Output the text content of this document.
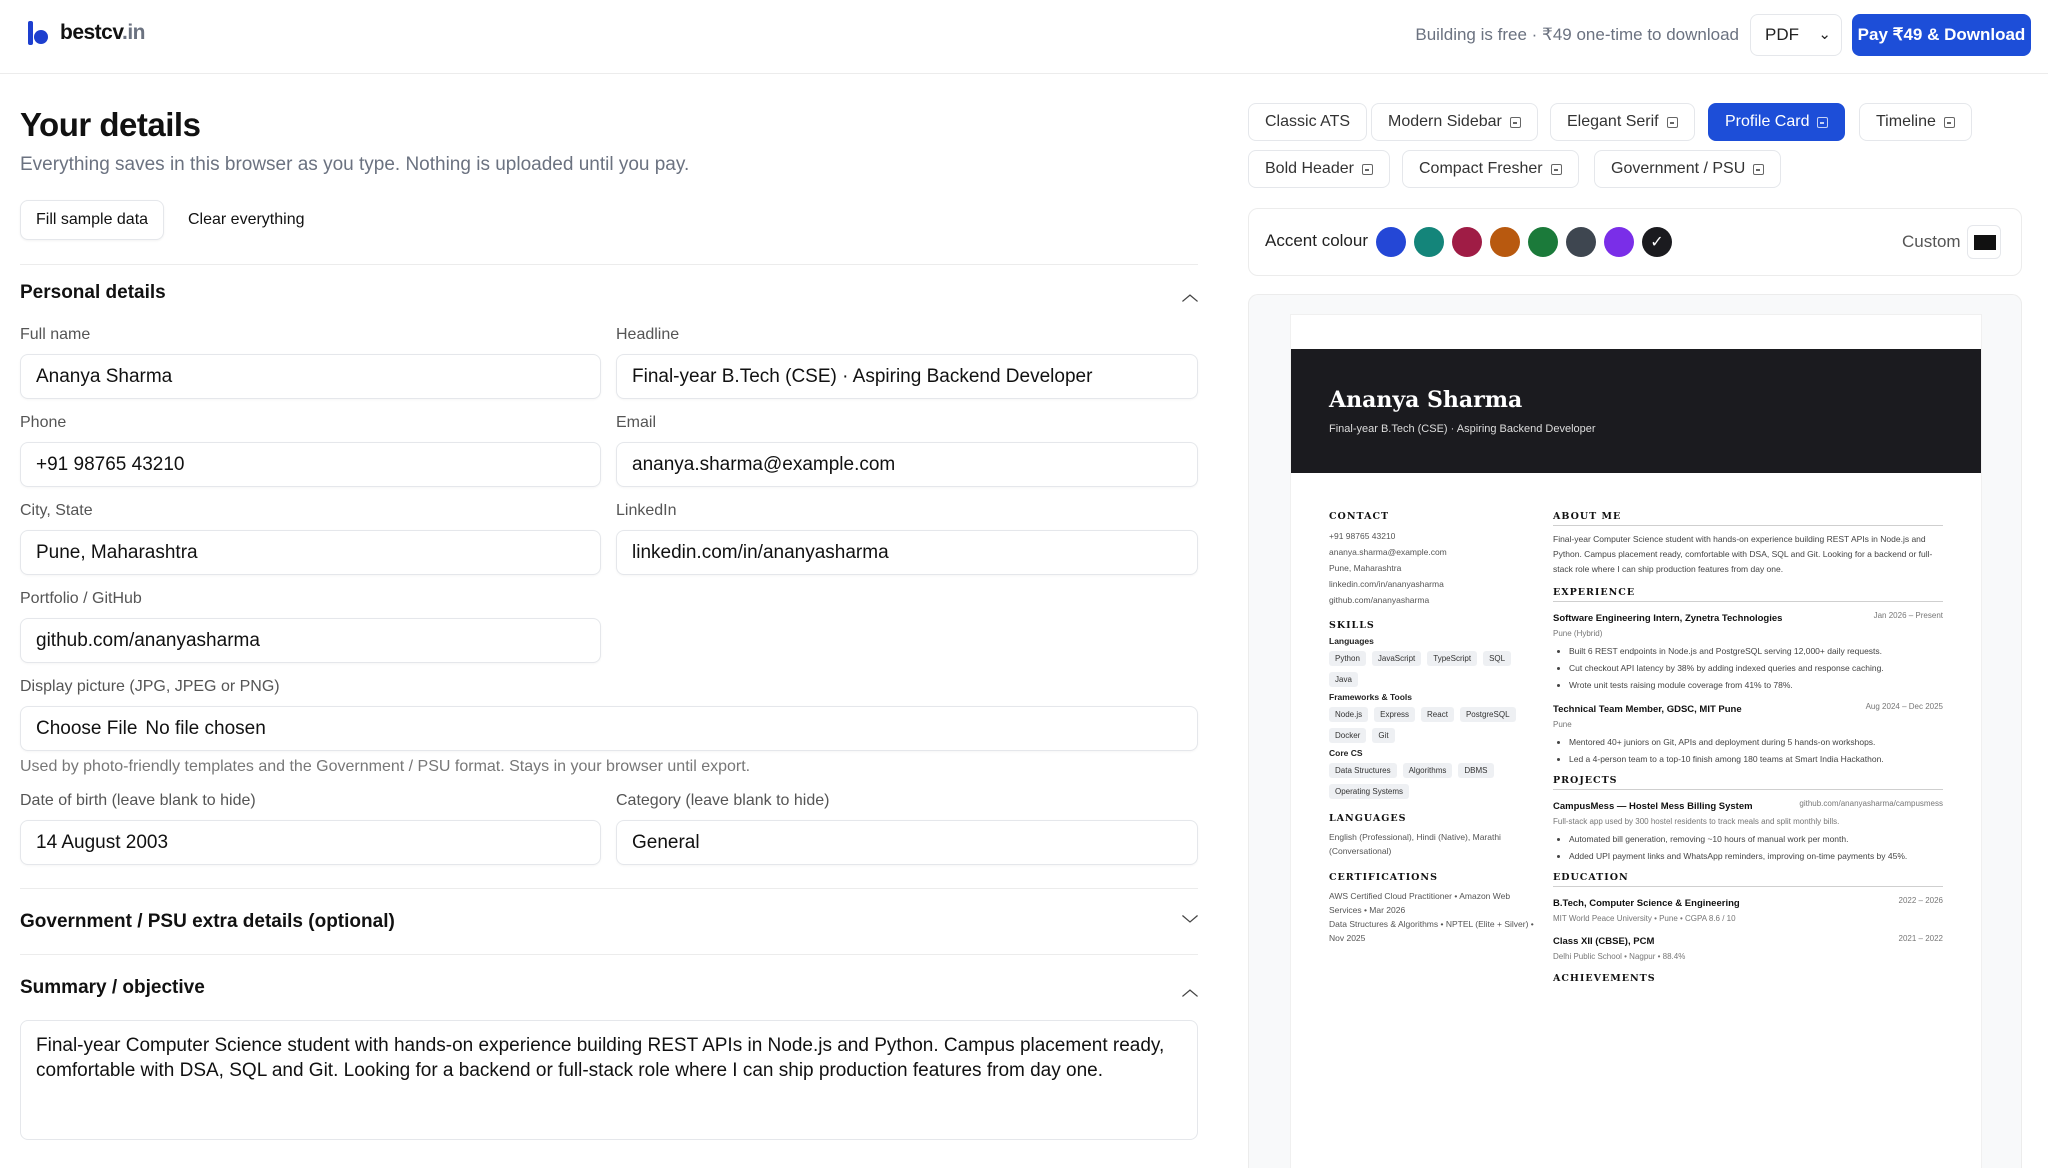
bestcv.in	Building is free · ₹49 one-time to download	PDF ⌄	Pay ₹49 & Download
Your details
Everything saves in this browser as you type. Nothing is uploaded until you pay.
Fill sample data	Clear everything
Personal details	︿
Full name
Ananya Sharma
Headline
Final-year B.Tech (CSE) · Aspiring Backend Developer
Phone
+91 98765 43210
Email
ananya.sharma@example.com
City, State
Pune, Maharashtra
LinkedIn
linkedin.com/in/ananyasharma
Portfolio / GitHub
github.com/ananyasharma
Display picture (JPG, JPEG or PNG)
Choose File No file chosen
Used by photo-friendly templates and the Government / PSU format. Stays in your browser until export.
Date of birth (leave blank to hide)
14 August 2003
Category (leave blank to hide)
General
Government / PSU extra details (optional)	﹀
Summary / objective	︿
Final-year Computer Science student with hands-on experience building REST APIs in Node.js and Python. Campus placement ready, comfortable with DSA, SQL and Git. Looking for a backend or full-stack role where I can ship production features from day one.
Classic ATS Modern Sidebar	Elegant Serif	Profile Card	Timeline
Bold Header	Compact Fresher	Government / PSU
Accent colour	✓	Custom
Ananya Sharma
Final-year B.Tech (CSE) · Aspiring Backend Developer
CONTACT
+91 98765 43210
ananya.sharma@example.com
Pune, Maharashtra
linkedin.com/in/ananyasharma
github.com/ananyasharma
SKILLS
Languages
Python	JavaScript	TypeScript	SQL
Java
Frameworks & Tools
Node.js	Express	React	PostgreSQL
Docker	Git
Core CS
Data Structures	Algorithms	DBMS
Operating Systems
LANGUAGES
English (Professional), Hindi (Native), Marathi (Conversational)
CERTIFICATIONS
AWS Certified Cloud Practitioner • Amazon Web Services • Mar 2026
Data Structures & Algorithms • NPTEL (Elite + Silver) • Nov 2025
ABOUT ME
Final-year Computer Science student with hands-on experience building REST APIs in Node.js and Python. Campus placement ready, comfortable with DSA, SQL and Git. Looking for a backend or full-stack role where I can ship production features from day one.
EXPERIENCE
Software Engineering Intern, Zynetra Technologies	Jan 2026 – Present
Pune (Hybrid)
• Built 6 REST endpoints in Node.js and PostgreSQL serving 12,000+ daily requests.
• Cut checkout API latency by 38% by adding indexed queries and response caching.
• Wrote unit tests raising module coverage from 41% to 78%.
Technical Team Member, GDSC, MIT Pune	Aug 2024 – Dec 2025
Pune
• Mentored 40+ juniors on Git, APIs and deployment during 5 hands-on workshops.
• Led a 4-person team to a top-10 finish among 180 teams at Smart India Hackathon.
PROJECTS
CampusMess — Hostel Mess Billing System	github.com/ananyasharma/campusmess
Full-stack app used by 300 hostel residents to track meals and split monthly bills.
• Automated bill generation, removing ~10 hours of manual work per month.
• Added UPI payment links and WhatsApp reminders, improving on-time payments by 45%.
EDUCATION
B.Tech, Computer Science & Engineering	2022 – 2026
MIT World Peace University • Pune • CGPA 8.6 / 10
Class XII (CBSE), PCM	2021 – 2022
Delhi Public School • Nagpur • 88.4%
ACHIEVEMENTS
